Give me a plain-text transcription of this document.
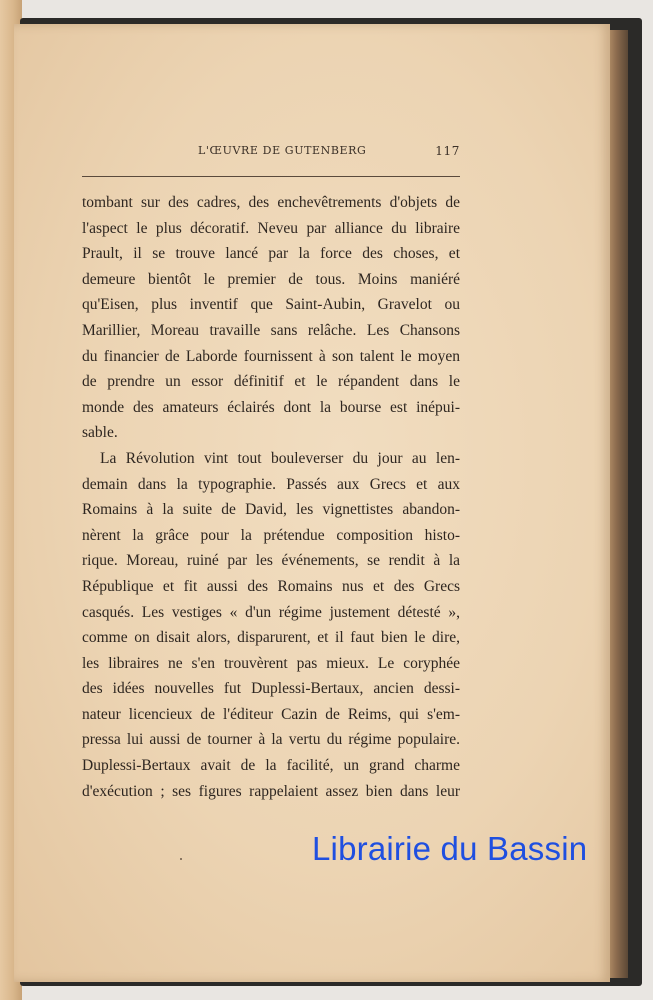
L'ŒUVRE DE GUTENBERG	117
tombant sur des cadres, des enchevêtrements d'objets de
l'aspect le plus décoratif. Neveu par alliance du libraire
Prault, il se trouve lancé par la force des choses, et
demeure bientôt le premier de tous. Moins maniéré
qu'Eisen, plus inventif que Saint-Aubin, Gravelot ou
Marillier, Moreau travaille sans relâche. Les Chansons
du financier de Laborde fournissent à son talent le moyen
de prendre un essor définitif et le répandent dans le
monde des amateurs éclairés dont la bourse est inépui-
sable.
La Révolution vint tout bouleverser du jour au len-
demain dans la typographie. Passés aux Grecs et aux
Romains à la suite de David, les vignettistes abandon-
nèrent la grâce pour la prétendue composition histo-
rique. Moreau, ruiné par les événements, se rendit à la
République et fit aussi des Romains nus et des Grecs
casqués. Les vestiges « d'un régime justement détesté »,
comme on disait alors, disparurent, et il faut bien le dire,
les libraires ne s'en trouvèrent pas mieux. Le coryphée
des idées nouvelles fut Duplessi-Bertaux, ancien dessi-
nateur licencieux de l'éditeur Cazin de Reims, qui s'em-
pressa lui aussi de tourner à la vertu du régime populaire.
Duplessi-Bertaux avait de la facilité, un grand charme
d'exécution ; ses figures rappelaient assez bien dans leur
Librairie du Bassin
